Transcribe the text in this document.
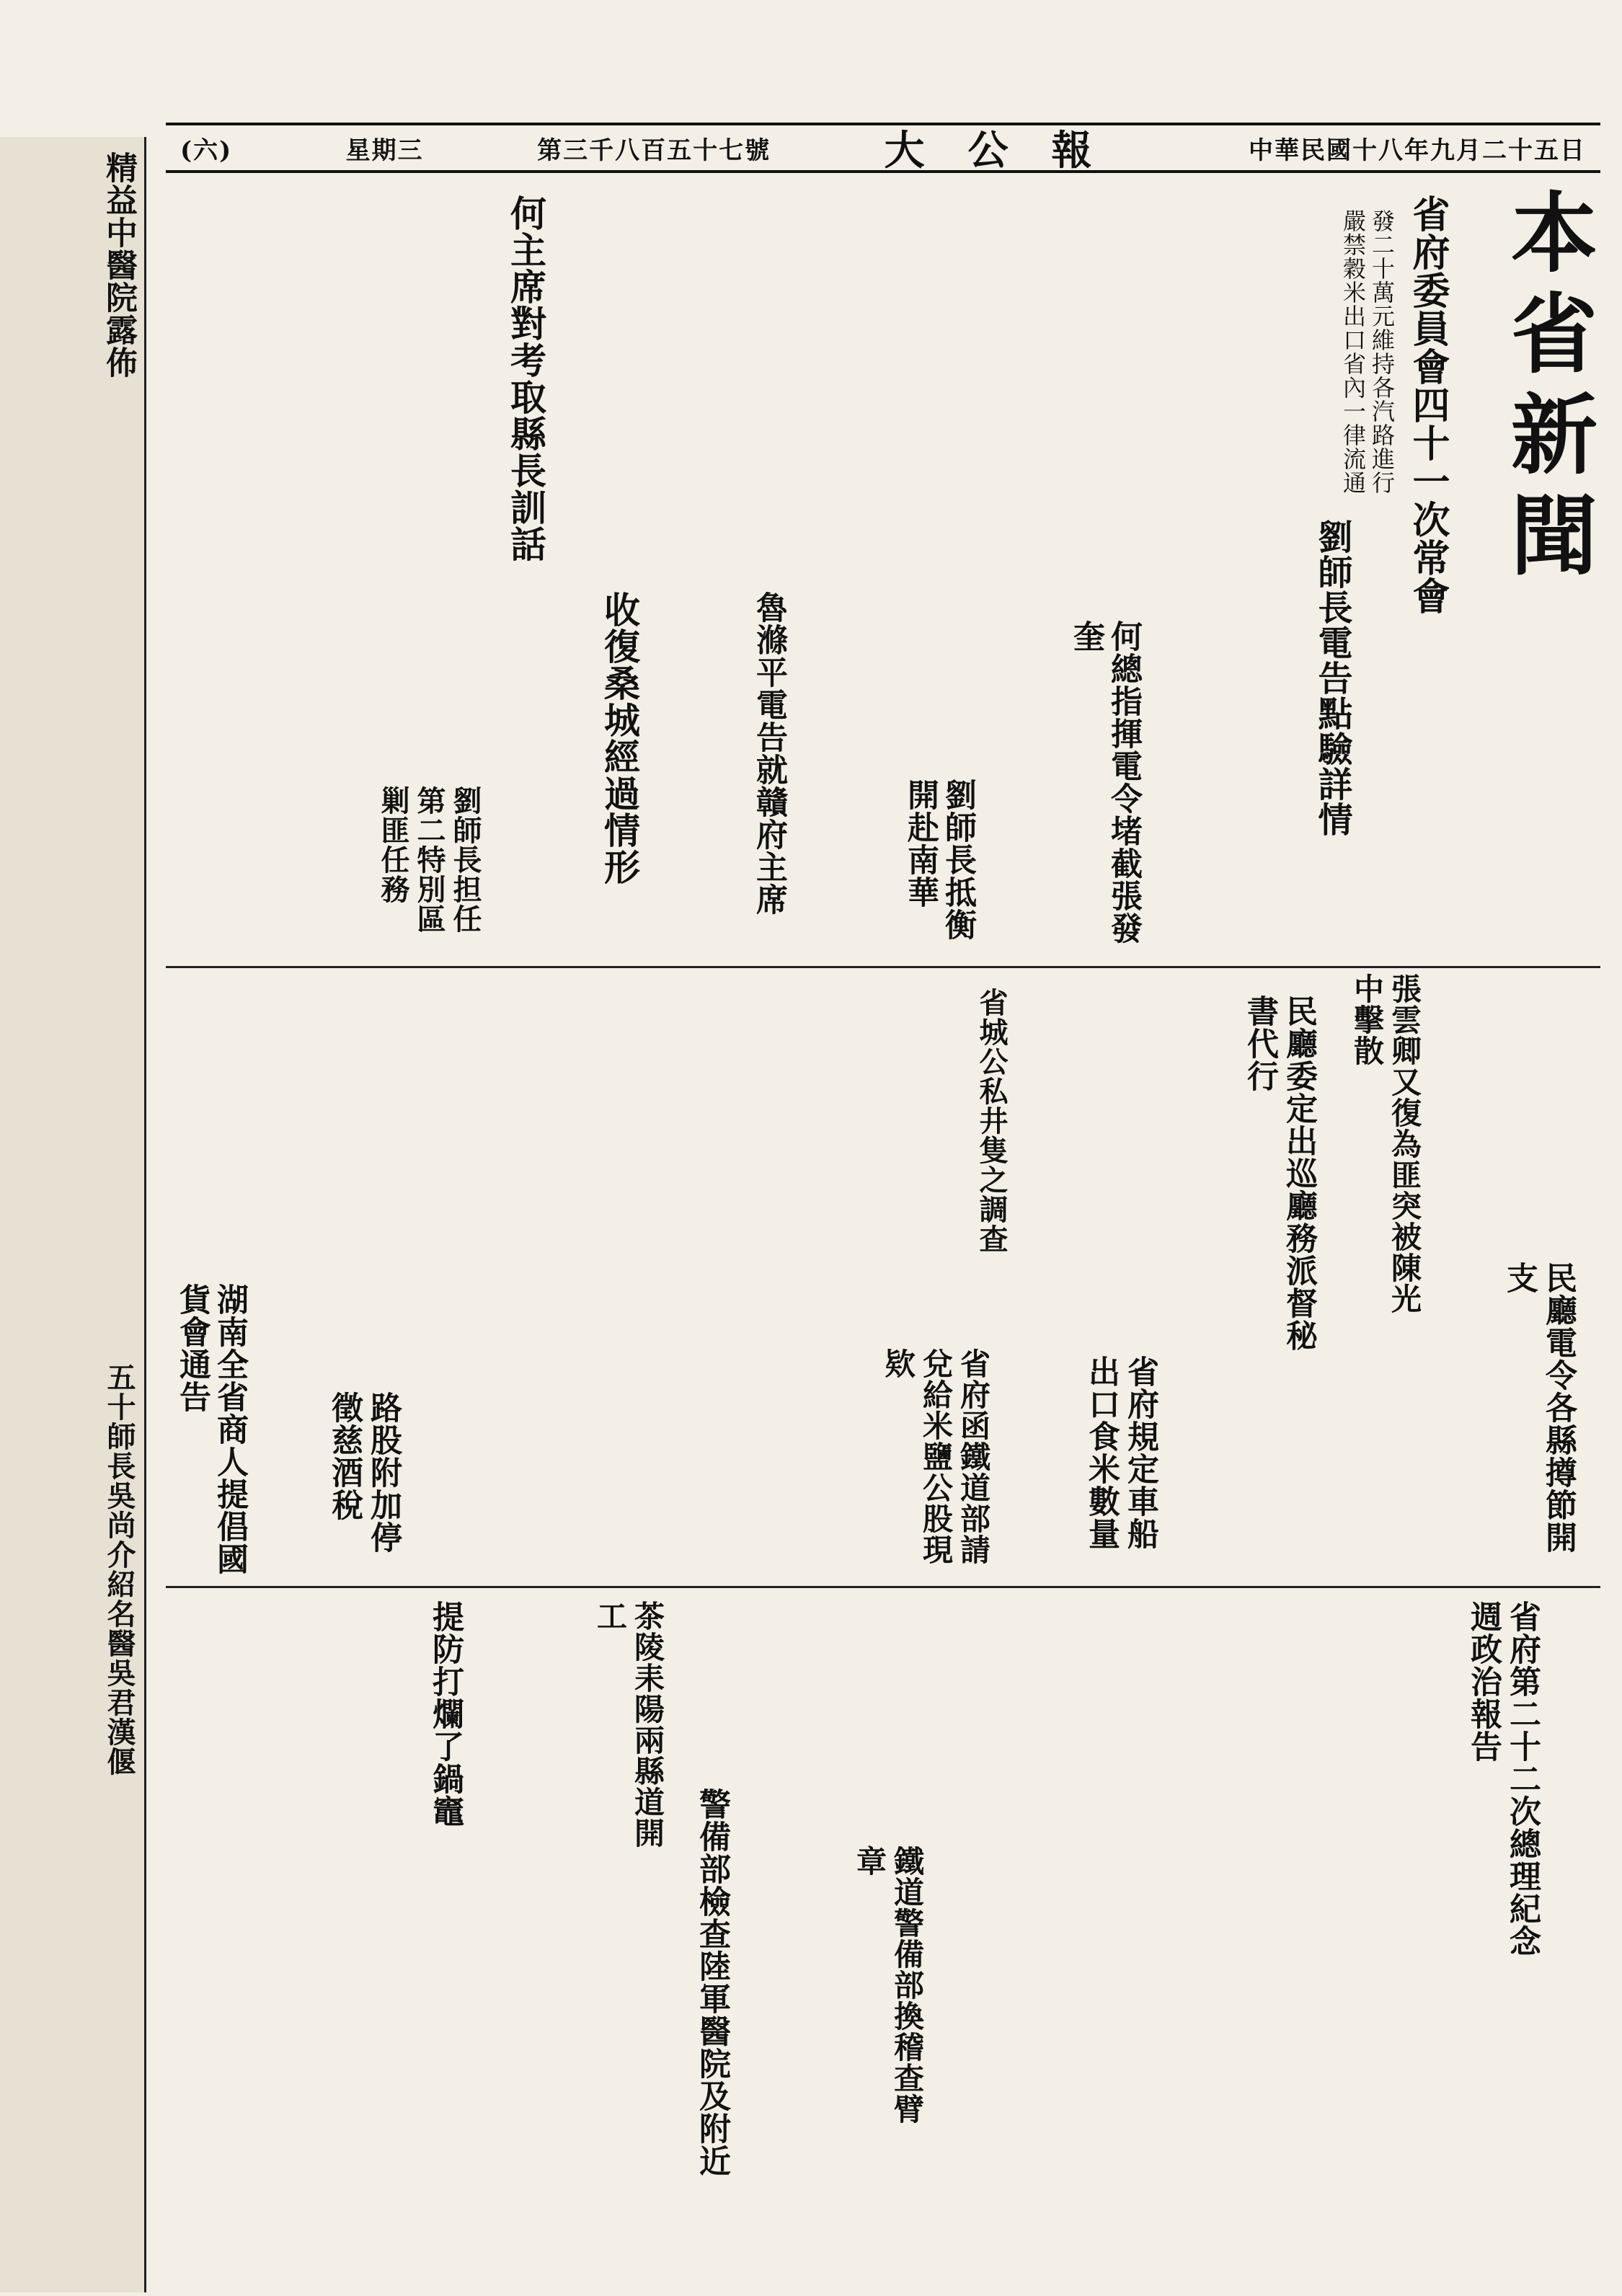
精益中醫院露佈
五十師長吳尚介紹名醫吳君漢偃
(六)	星期三	第三千八百五十七號	大公報	中華民國十八年九月二十五日
本省新聞
省府委員會四十一次常會
發二十萬元維持各汽路進行
嚴禁穀米出口省內一律流通
何主席對考取縣長訓話
劉師長電告點驗詳情
收復桑城經過情形	魯滌平電告就贛府主席	何總指揮電令堵截張發奎
劉師長抵衡開赴南華
劉師長担任第二特別區剿匪任務
張雲卿又復為匪突被陳光中擊散
民廳委定出巡廳務派督秘書代行
省城公私井隻之調查
民廳電令各縣撙節開支
湖南全省商人提倡國貨會通告
路股附加停徵慈酒稅	省府規定車船出口食米數量
省府函鐵道部請兌給米鹽公股現欵
省府第二十二次總理紀念週政治報告
茶陵耒陽兩縣道開工
提防打爛了鍋竈
警備部檢查陸軍醫院及附近	鐵道警備部換稽查臂章
